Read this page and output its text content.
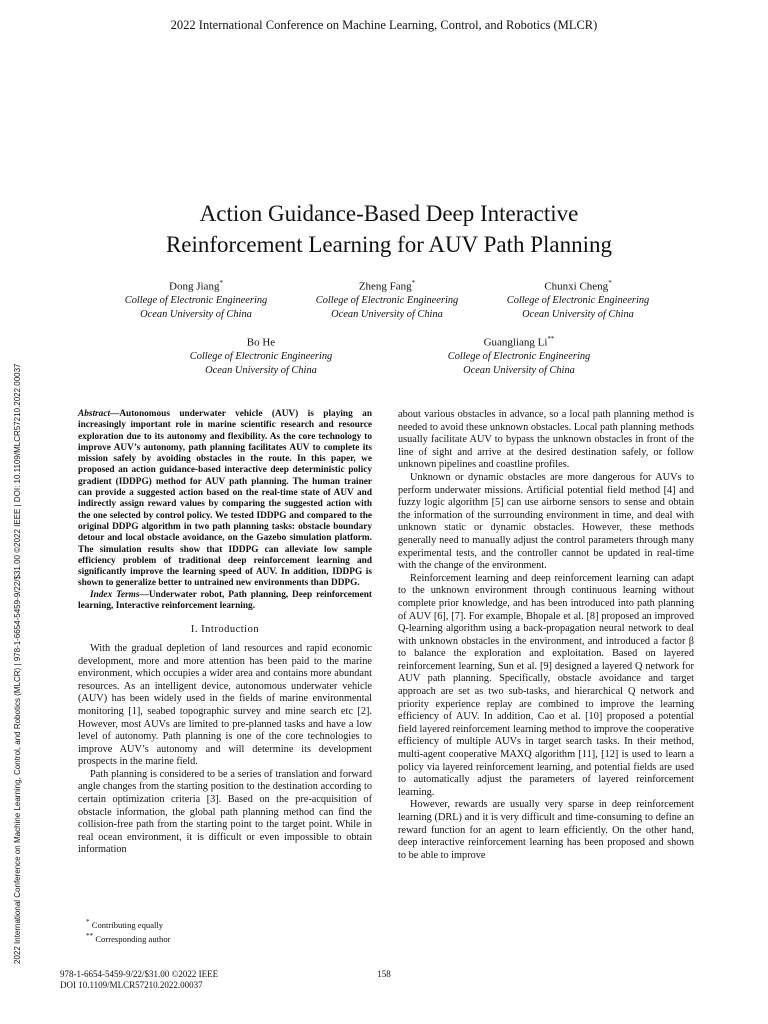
2022 International Conference on Machine Learning, Control, and Robotics (MLCR)
2022 International Conference on Machine Learning, Control, and Robotics (MLCR) | 978-1-6654-5459-9/22/$31.00 ©2022 IEEE | DOI: 10.1109/MLCR57210.2022.00037
Action Guidance-Based Deep Interactive
Reinforcement Learning for AUV Path Planning
Dong Jiang*
College of Electronic Engineering
Ocean University of China
Zheng Fang*
College of Electronic Engineering
Ocean University of China
Chunxi Cheng*
College of Electronic Engineering
Ocean University of China
Bo He
College of Electronic Engineering
Ocean University of China
Guangliang Li**
College of Electronic Engineering
Ocean University of China
Abstract—Autonomous underwater vehicle (AUV) is playing an increasingly important role in marine scientific research and resource exploration due to its autonomy and flexibility. As the core technology to improve AUV’s autonomy, path planning facilitates AUV to complete its mission safely by avoiding obstacles in the route. In this paper, we proposed an action guidance-based interactive deep deterministic policy gradient (IDDPG) method for AUV path planning. The human trainer can provide a suggested action based on the real-time state of AUV and indirectly assign reward values by comparing the suggested action with the one selected by control policy. We tested IDDPG and compared to the original DDPG algorithm in two path planning tasks: obstacle boundary detour and local obstacle avoidance, on the Gazebo simulation platform. The simulation results show that IDDPG can alleviate low sample efficiency problem of traditional deep reinforcement learning and significantly improve the learning speed of AUV. In addition, IDDPG is shown to generalize better to untrained new environments than DDPG.
Index Terms—Underwater robot, Path planning, Deep reinforcement learning, Interactive reinforcement learning.
I. Introduction

With the gradual depletion of land resources and rapid economic development, more and more attention has been paid to the marine environment, which occupies a wider area and contains more abundant resources. As an intelligent device, autonomous underwater vehicle (AUV) has been widely used in the fields of marine environmental monitoring [1], seabed topographic survey and mine search etc [2]. However, most AUVs are limited to pre-planned tasks and have a low level of autonomy. Path planning is one of the core technologies to improve AUV’s autonomy and will determine its development prospects in the marine field.

Path planning is considered to be a series of translation and forward angle changes from the starting position to the destination according to certain optimization criteria [3]. Based on the pre-acquisition of obstacle information, the global path planning method can find the collision-free path from the starting point to the target point. While in real ocean environment, it is difficult or even impossible to obtain information

* Contributing equally
** Corresponding author

about various obstacles in advance, so a local path planning method is needed to avoid these unknown obstacles. Local path planning methods usually facilitate AUV to bypass the unknown obstacles in front of the line of sight and arrive at the desired destination safely, or follow unknown pipelines and coastline profiles.

Unknown or dynamic obstacles are more dangerous for AUVs to perform underwater missions. Artificial potential field method [4] and fuzzy logic algorithm [5] can use airborne sensors to sense and obtain the information of the surrounding environment in time, and deal with unknown static or dynamic obstacles. However, these methods generally need to manually adjust the control parameters through many experimental tests, and the controller cannot be updated in real-time with the change of the environment.

Reinforcement learning and deep reinforcement learning can adapt to the unknown environment through continuous learning without complete prior knowledge, and has been introduced into path planning of AUV [6], [7]. For example, Bhopale et al. [8] proposed an improved Q-learning algorithm using a back-propagation neural network to deal with unknown obstacles in the environment, and introduced a factor β to balance the exploration and exploitation. Based on layered reinforcement learning, Sun et al. [9] designed a layered Q network for AUV path planning. Specifically, obstacle avoidance and target approach are set as two sub-tasks, and hierarchical Q network and priority experience replay are combined to improve the learning efficiency of AUV. In addition, Cao et al. [10] proposed a potential field layered reinforcement learning method to improve the cooperative efficiency of multiple AUVs in target search tasks. In their method, multi-agent cooperative MAXQ algorithm [11], [12] is used to learn a policy via layered reinforcement learning, and potential fields are used to automatically adjust the parameters of layered reinforcement learning.

However, rewards are usually very sparse in deep reinforcement learning (DRL) and it is very difficult and time-consuming to define an reward function for an agent to learn efficiently. On the other hand, deep interactive reinforcement learning has been proposed and shown to be able to improve

978-1-6654-5459-9/22/$31.00 ©2022 IEEE
DOI 10.1109/MLCR57210.2022.00037
158
